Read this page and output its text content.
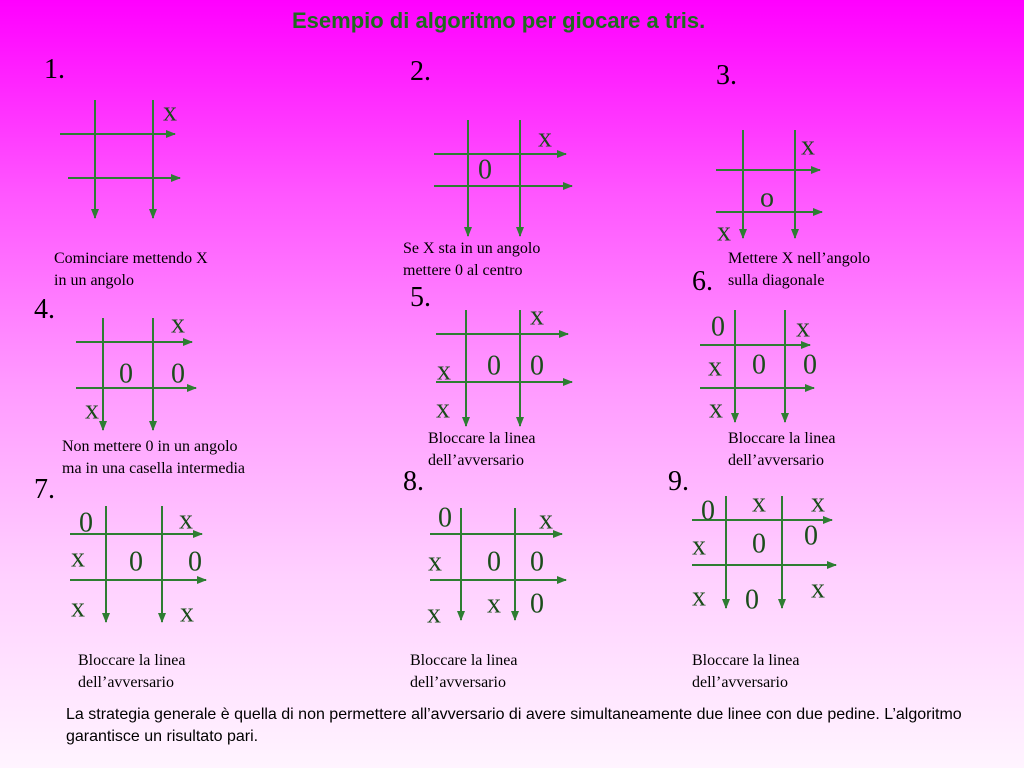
Esempio di algoritmo per giocare a tris.
1.
x
2.
x
0
3.
x
o
x
4.	x
0 0
x
5.
x
x 0 0
x
6.
0	x
x 0 0
x
7.
0	x
x 0 0
x	x
8.
0	x
x 0 0
x 0
x
9.
0 x x
x 0 0
x 0 x
Cominciare mettendo X
in un angolo
Se X sta in un angolo
mettere 0 al centro
Mettere X nell’angolo
sulla diagonale
Non mettere 0 in un angolo
ma in una casella intermedia
Bloccare la linea
dell’avversario
Bloccare la linea
dell’avversario
Bloccare la linea
dell’avversario
Bloccare la linea
dell’avversario
Bloccare la linea
dell’avversario
La strategia generale è quella di non permettere all’avversario di avere simultaneamente due linee con due pedine. L’algoritmo garantisce un risultato pari.
